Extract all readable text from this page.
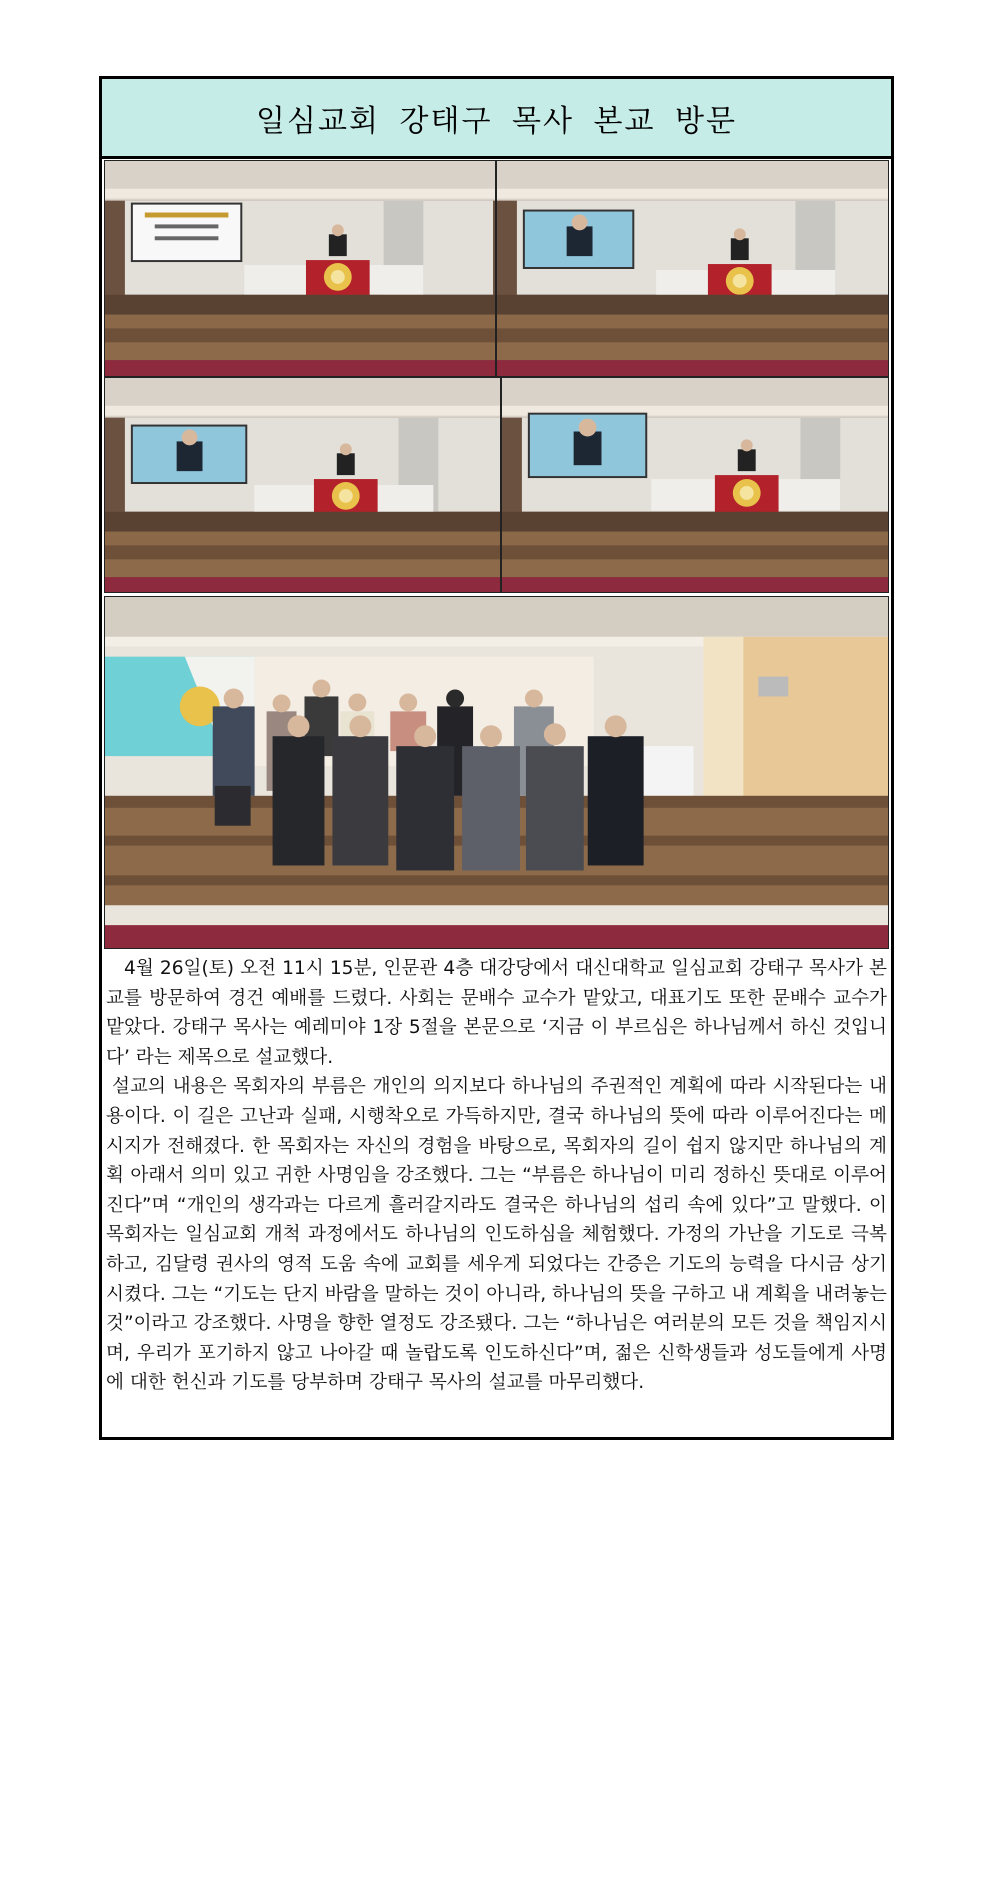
일심교회 강태구 목사 본교 방문

4월 26일(토) 오전 11시 15분, 인문관 4층 대강당에서 대신대학교 일심교회 강태구 목사가 본교를 방문하여 경건 예배를 드렸다. 사회는 문배수 교수가 맡았고, 대표기도 또한 문배수 교수가 맡았다. 강태구 목사는 예레미야 1장 5절을 본문으로 ‘지금 이 부르심은 하나님께서 하신 것입니다’ 라는 제목으로 설교했다.

설교의 내용은 목회자의 부름은 개인의 의지보다 하나님의 주권적인 계획에 따라 시작된다는 내용이다. 이 길은 고난과 실패, 시행착오로 가득하지만, 결국 하나님의 뜻에 따라 이루어진다는 메시지가 전해졌다. 한 목회자는 자신의 경험을 바탕으로, 목회자의 길이 쉽지 않지만 하나님의 계획 아래서 의미 있고 귀한 사명임을 강조했다. 그는 “부름은 하나님이 미리 정하신 뜻대로 이루어진다”며 “개인의 생각과는 다르게 흘러갈지라도 결국은 하나님의 섭리 속에 있다”고 말했다. 이 목회자는 일심교회 개척 과정에서도 하나님의 인도하심을 체험했다. 가정의 가난을 기도로 극복하고, 김달령 권사의 영적 도움 속에 교회를 세우게 되었다는 간증은 기도의 능력을 다시금 상기시켰다. 그는 “기도는 단지 바람을 말하는 것이 아니라, 하나님의 뜻을 구하고 내 계획을 내려놓는 것”이라고 강조했다. 사명을 향한 열정도 강조됐다. 그는 “하나님은 여러분의 모든 것을 책임지시며, 우리가 포기하지 않고 나아갈 때 놀랍도록 인도하신다”며, 젊은 신학생들과 성도들에게 사명에 대한 헌신과 기도를 당부하며 강태구 목사의 설교를 마무리했다.
